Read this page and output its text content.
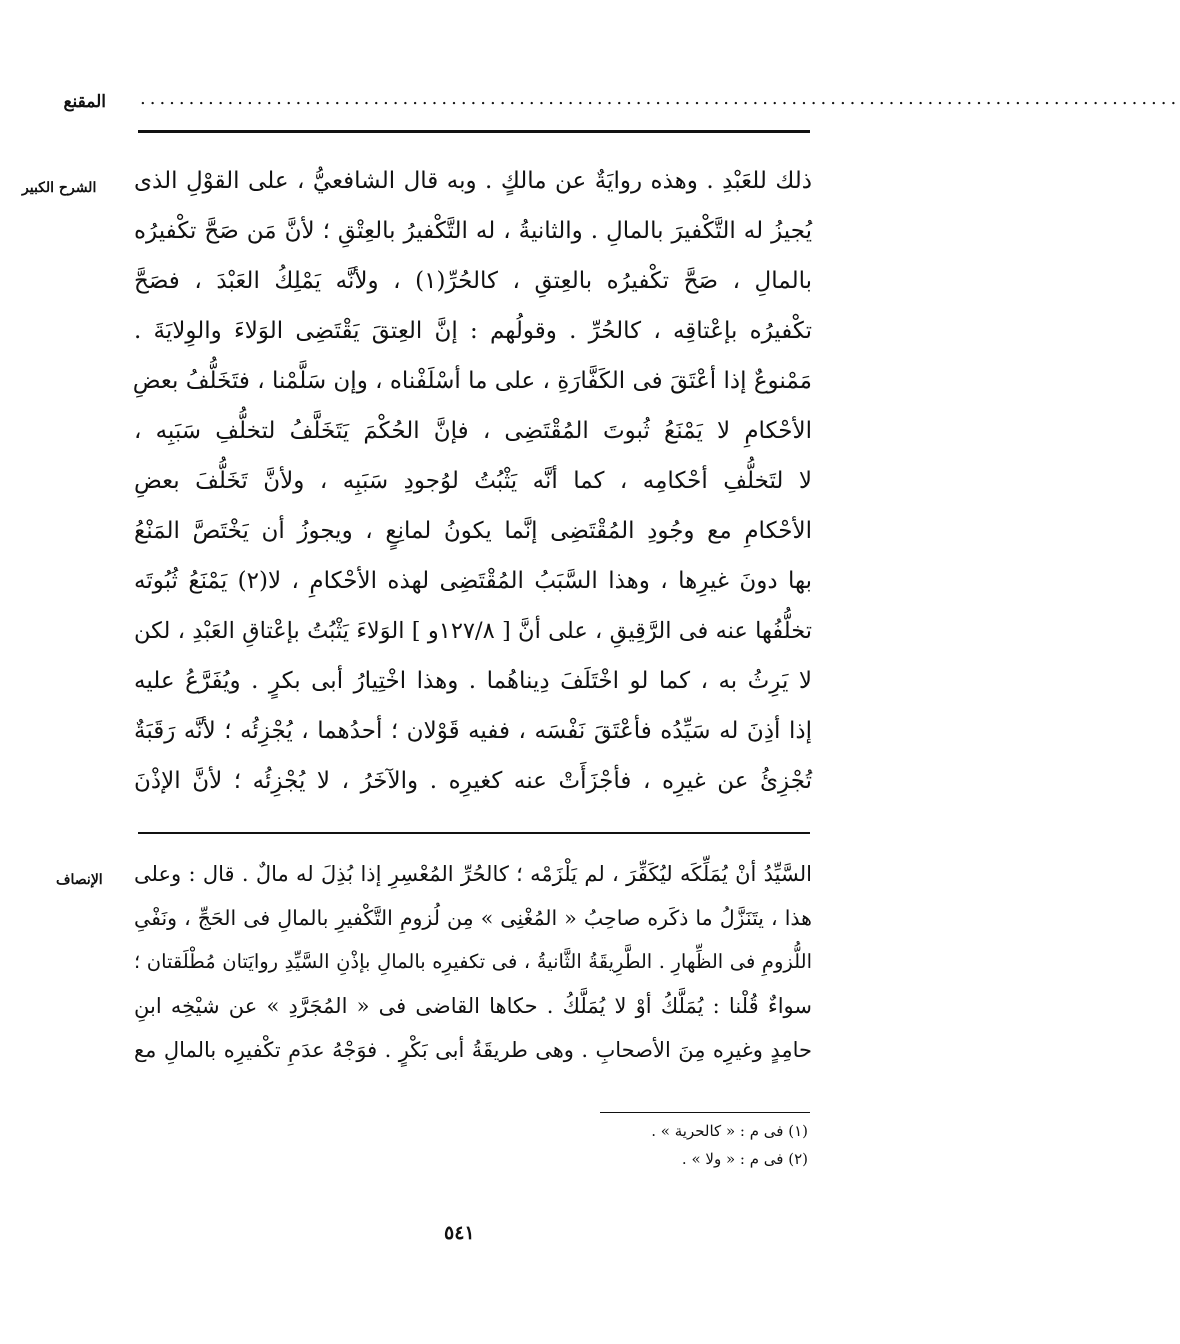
المقنع ...........................................................................................................
الشرح الكبير ذلك للعَبْدِ . وهذه روايَةٌ عن مالكٍ . وبه قال الشافعيُّ ، على القوْلِ الذى
يُجيزُ له التَّكْفيرَ بالمالِ . والثانيةُ ، له التَّكْفيرُ بالعِتْقِ ؛ لأنَّ مَن صَحَّ تكْفيرُه
بالمالِ ، صَحَّ تكْفيرُه بالعِتقِ ، كالحُرِّ(١) ، ولأنَّه يَمْلِكُ العَبْدَ ، فصَحَّ
تكْفيرُه بإعْتاقِه ، كالحُرِّ . وقولُهم : إنَّ العِتقَ يَقْتَضِى الوَلاءَ والوِلايَةَ .
مَمْنوعٌ إذا أعْتَقَ فى الكَفَّارَةِ ، على ما أسْلَفْناه ، وإن سَلَّمْنا ، فتَخَلُّفُ بعضِ
الأحْكامِ لا يَمْنَعُ ثُبوتَ المُقْتَضِى ، فإنَّ الحُكْمَ يَتَخَلَّفُ لتخلُّفِ سَبَبِه ،
لا لتَخلُّفِ أحْكامِه ، كما أنَّه يَثْبُتُ لوُجودِ سَبَبِه ، ولأنَّ تَخَلُّفَ بعضِ
الأحْكامِ مع وجُودِ المُقْتَضِى إنَّما يكونُ لمانِعٍ ، ويجوزُ أن يَخْتَصَّ المَنْعُ
بها دونَ غيرِها ، وهذا السَّبَبُ المُقْتَضِى لهذه الأحْكامِ ، لا(٢) يَمْنَعُ ثُبُوتَه
تخلُّفُها عنه فى الرَّقِيقِ ، على أنَّ [ ١٢٧/٨و ] الوَلاءَ يَثْبُتُ بإعْتاقِ العَبْدِ ، لكن
لا يَرِثُ به ، كما لو اخْتَلَفَ دِيناهُما . وهذا اخْتِيارُ أبى بكرٍ . ويُفَرَّعُ عليه
إذا أذِنَ له سَيِّدُه فأعْتَقَ نَفْسَه ، ففيه قَوْلان ؛ أحدُهما ، يُجْزِئُه ؛ لأنَّه رَقَبَةٌ
تُجْزِئُ عن غيرِه ، فأجْزَأَتْ عنه كغيرِه . والآخَرُ ، لا يُجْزِئُه ؛ لأنَّ الإذْنَ
الإنصاف السَّيِّدُ أنْ يُمَلِّكَه ليُكَفِّرَ ، لم يَلْزَمْه ؛ كالحُرِّ المُعْسِرِ إذا بُذِلَ له مالٌ . قال : وعلى
هذا ، يتَنَزَّلُ ما ذكَره صاحِبُ « المُغْنِى » مِن لُزومِ التَّكْفيرِ بالمالِ فى الحَجِّ ، ونَفْىِ
اللُّزومِ فى الظِّهارِ . الطَّرِيقَةُ الثَّانيةُ ، فى تكفيرِه بالمالِ بإذْنِ السَّيِّدِ روايَتان مُطْلَقتان ؛
سواءٌ قُلْنا : يُمَلَّكُ أوْ لا يُمَلَّكُ . حكاها القاضى فى « المُجَرَّدِ » عن شيْخِه ابنِ
حامِدٍ وغيرِه مِنَ الأصحابِ . وهى طريقَةُ أبى بَكْرٍ . فوَجْهُ عدَمِ تكْفيرِه بالمالِ مع
(١) فى م : « كالحرية » .
(٢) فى م : « ولا » .
٥٤١
